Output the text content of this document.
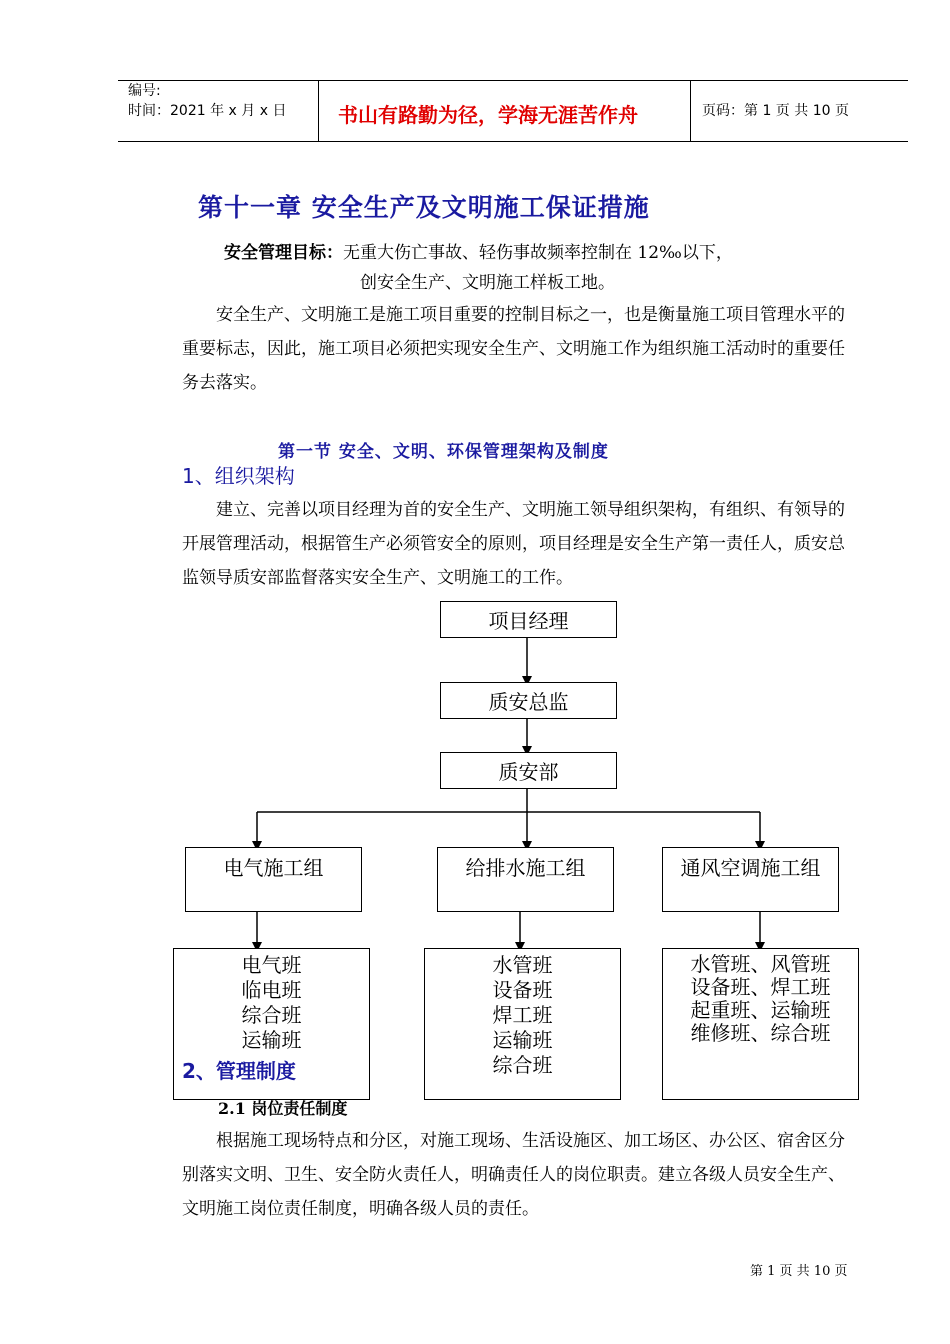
编号:
时间：2021 年 x 月 x 日	书山有路勤为径，学海无涯苦作舟	页码：第 1 页 共 10 页
第十一章 安全生产及文明施工保证措施
安全管理目标：无重大伤亡事故、轻伤事故频率控制在 12‰以下，
创安全生产、文明施工样板工地。

安全生产、文明施工是施工项目重要的控制目标之一，也是衡量施工项目管理水平的重要标志，因此，施工项目必须把实现安全生产、文明施工作为组织施工活动时的重要任务去落实。

第一节 安全、文明、环保管理架构及制度
1、组织架构

建立、完善以项目经理为首的安全生产、文明施工领导组织架构，有组织、有领导的开展管理活动，根据管生产必须管安全的原则，项目经理是安全生产第一责任人，质安总监领导质安部监督落实安全生产、文明施工的工作。

项目经理
质安总监
质安部
电气施工组	给排水施工组	通风空调施工组
电气班
临电班
综合班
运输班
水管班
设备班
焊工班
运输班
综合班
水管班、风管班
设备班、焊工班
起重班、运输班
维修班、综合班
2、管理制度
2.1 岗位责任制度

根据施工现场特点和分区，对施工现场、生活设施区、加工场区、办公区、宿舍区分别落实文明、卫生、安全防火责任人，明确责任人的岗位职责。建立各级人员安全生产、文明施工岗位责任制度，明确各级人员的责任。

第 1 页 共 10 页
